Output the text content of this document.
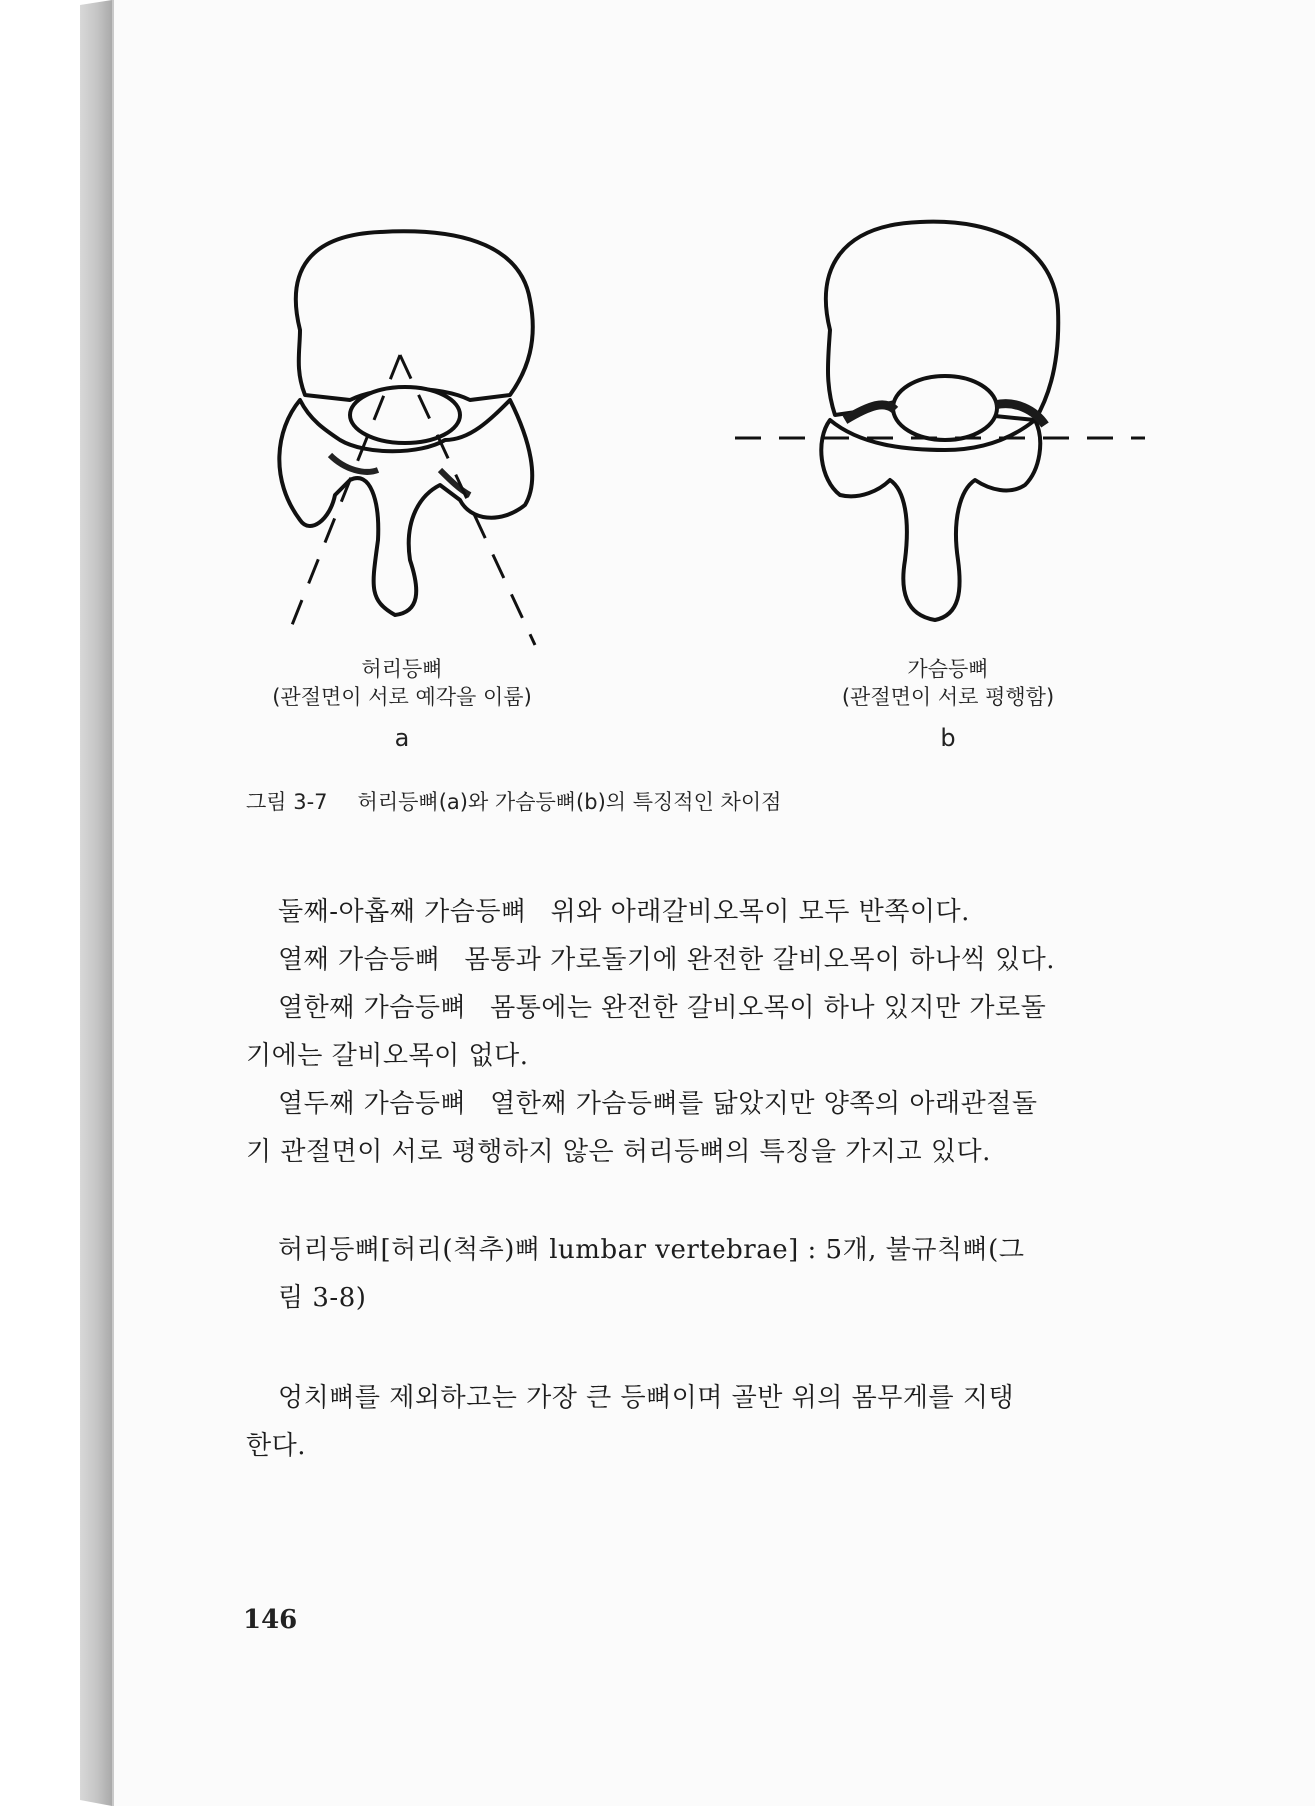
허리등뼈
(관절면이 서로 예각을 이룸)
a
가슴등뼈
(관절면이 서로 평행함)
b
그림 3-7 허리등뼈(a)와 가슴등뼈(b)의 특징적인 차이점

둘째-아홉째 가슴등뼈 위와 아래갈비오목이 모두 반쪽이다.

열째 가슴등뼈 몸통과 가로돌기에 완전한 갈비오목이 하나씩 있다.

열한째 가슴등뼈 몸통에는 완전한 갈비오목이 하나 있지만 가로돌

기에는 갈비오목이 없다.

열두째 가슴등뼈 열한째 가슴등뼈를 닮았지만 양쪽의 아래관절돌

기 관절면이 서로 평행하지 않은 허리등뼈의 특징을 가지고 있다.

허리등뼈[허리(척추)뼈 lumbar vertebrae] : 5개, 불규칙뼈(그

림 3-8)

엉치뼈를 제외하고는 가장 큰 등뼈이며 골반 위의 몸무게를 지탱

한다.

146
